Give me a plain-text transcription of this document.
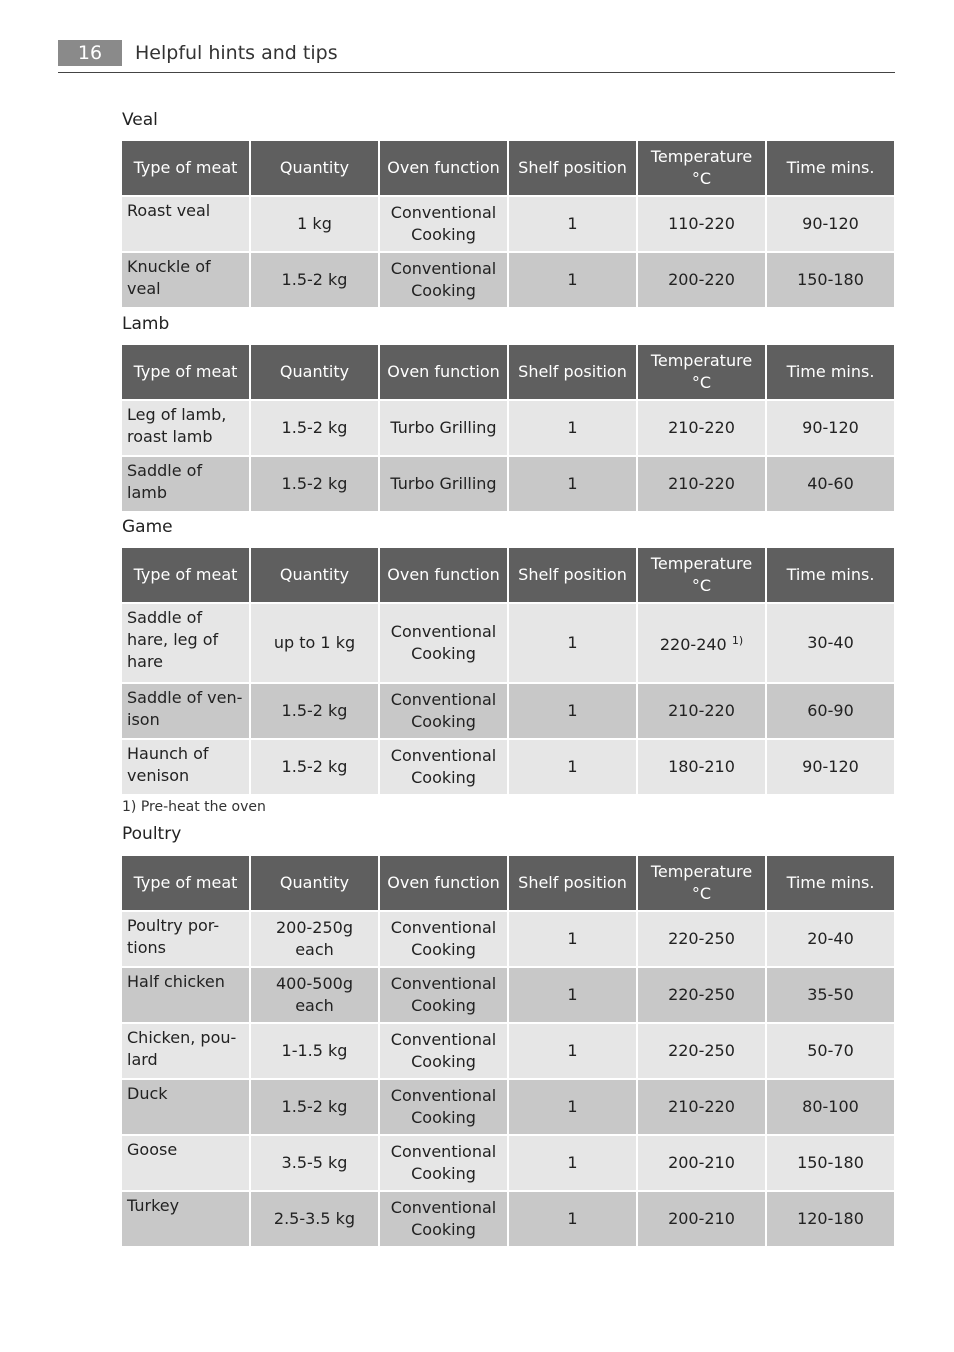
16	Helpful hints and tips
Veal
Type of meat	Quantity	Oven function	Shelf position	Temperature °C	Time mins.
Roast veal	1 kg	Conventional Cooking	1	110-220	90-120
Knuckle of veal	1.5-2 kg	Conventional Cooking	1	200-220	150-180
Lamb
Type of meat	Quantity	Oven function	Shelf position	Temperature °C	Time mins.
Leg of lamb, roast lamb	1.5-2 kg	Turbo Grilling	1	210-220	90-120
Saddle of lamb	1.5-2 kg	Turbo Grilling	1	210-220	40-60
Game
Type of meat	Quantity	Oven function	Shelf position	Temperature °C	Time mins.
Saddle of hare, leg of hare	up to 1 kg	Conventional Cooking	1	220-240 $^{1)}$	30-40
Saddle of ven-ison	1.5-2 kg	Conventional Cooking	1	210-220	60-90
Haunch of venison	1.5-2 kg	Conventional Cooking	1	180-210	90-120
1) Pre-heat the oven
Poultry
Type of meat	Quantity	Oven function	Shelf position	Temperature °C	Time mins.
Poultry por-tions	200-250g each	Conventional Cooking	1	220-250	20-40
Half chicken	400-500g each	Conventional Cooking	1	220-250	35-50
Chicken, pou-lard	1-1.5 kg	Conventional Cooking	1	220-250	50-70
Duck	1.5-2 kg	Conventional Cooking	1	210-220	80-100
Goose	3.5-5 kg	Conventional Cooking	1	200-210	150-180
Turkey	2.5-3.5 kg	Conventional Cooking	1	200-210	120-180
